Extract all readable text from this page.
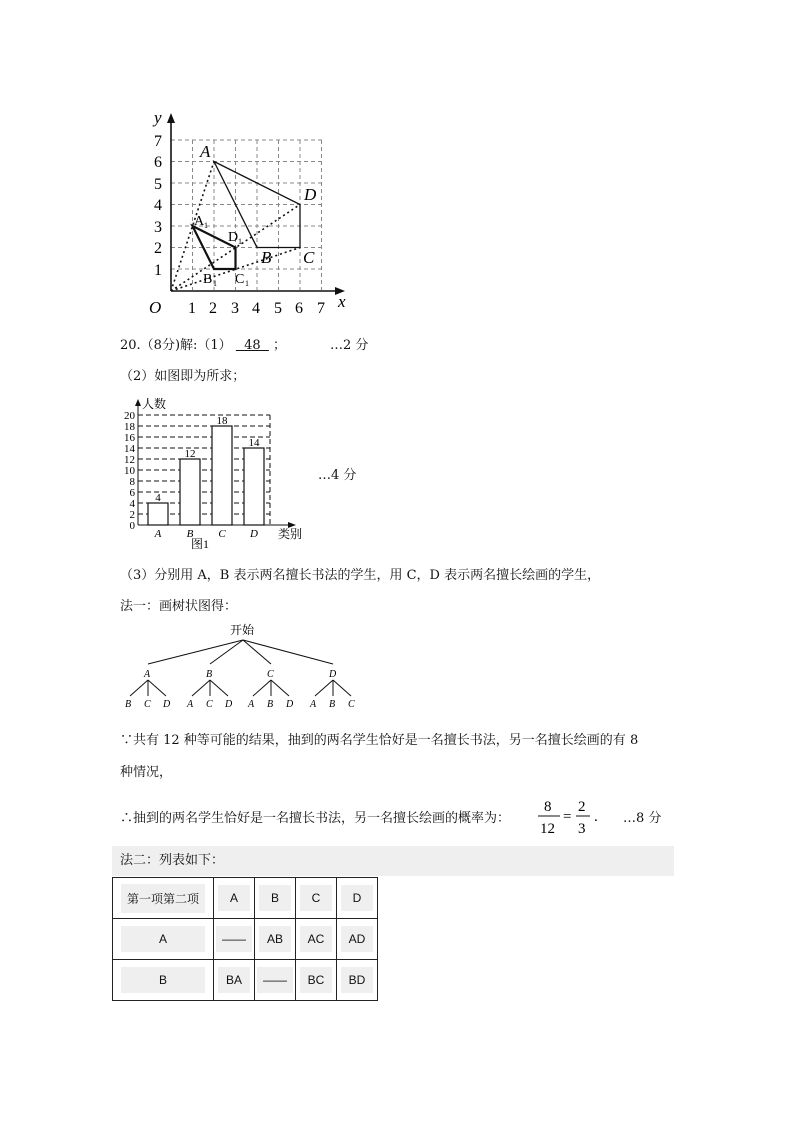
y
x
O
1
2
3
4
5
6
7
1 2 3 4 5 6 7
A
D
B C
A 1
D 1
B 1 C 1
20.（8分)解:（1） 48 ；	…2 分
（2）如图即为所求；
0
2
4
6
8
10
12
14
16
18
20
A B C D
4
12
18
14
人数
类别
图1
…4 分
（3）分别用 A，B 表示两名擅长书法的学生，用 C，D 表示两名擅长绘画的学生，
法一：画树状图得：
开始
A
B C D
B
A C D
C
A B D
D
A B C
∵共有 12 种等可能的结果，抽到的两名学生恰好是一名擅长书法，另一名擅长绘画的有 8
种情况，
∴抽到的两名学生恰好是一名擅长书法，另一名擅长绘画的概率为：
8
12
=
2
3
. …8 分
法二：列表如下：
第一项第二项	A	B	C	D
A	——	AB	AC	AD
B	BA	——	BC	BD
